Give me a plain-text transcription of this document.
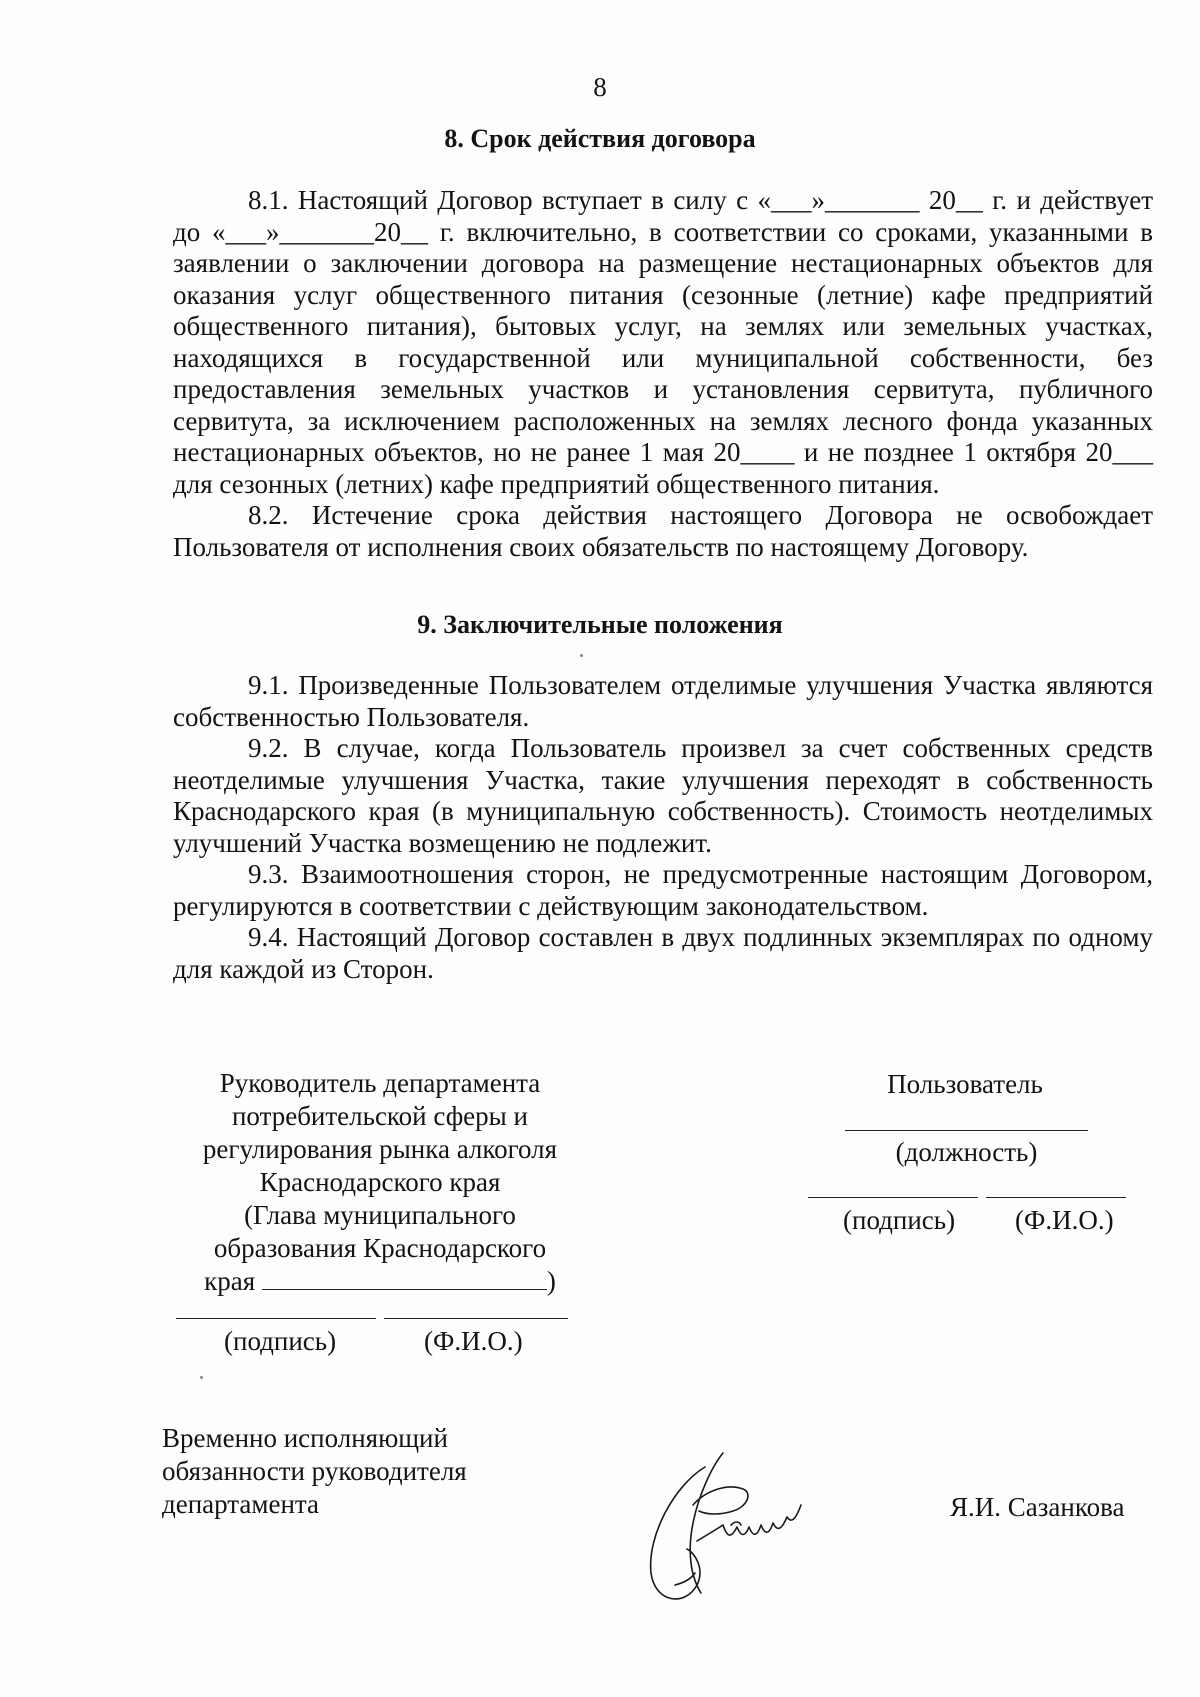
8
8. Срок действия договора

8.1. Настоящий Договор вступает в силу с «___»_______ 20__ г. и действует до «___»_______20__ г. включительно, в соответствии со сроками, указанными в заявлении о заключении договора на размещение нестационарных объектов для оказания услуг общественного питания (сезонные (летние) кафе предприятий общественного питания), бытовых услуг, на землях или земельных участках, находящихся в государственной или муниципальной собственности, без предоставления земельных участков и установления сервитута, публичного сервитута, за исключением расположенных на землях лесного фонда указанных нестационарных объектов, но не ранее 1 мая 20____ и не позднее 1 октября 20___ для сезонных (летних) кафе предприятий общественного питания.

8.2. Истечение срока действия настоящего Договора не освобождает Пользователя от исполнения своих обязательств по настоящему Договору.

9. Заключительные положения

9.1. Произведенные Пользователем отделимые улучшения Участка являются собственностью Пользователя.

9.2. В случае, когда Пользователь произвел за счет собственных средств неотделимые улучшения Участка, такие улучшения переходят в собственность Краснодарского края (в муниципальную собственность). Стоимость неотделимых улучшений Участка возмещению не подлежит.

9.3. Взаимоотношения сторон, не предусмотренные настоящим Договором, регулируются в соответствии с действующим законодательством.

9.4. Настоящий Договор составлен в двух подлинных экземплярах по одному для каждой из Сторон.

Руководитель департамента
потребительской сферы и
регулирования рынка алкоголя
Краснодарского края
(Глава муниципального
образования Краснодарского
края	)
(подпись)	(Ф.И.О.)
Пользователь
(должность)
(подпись) (Ф.И.О.)
Временно исполняющий
обязанности руководителя
департамента	Я.И. Сазанкова
